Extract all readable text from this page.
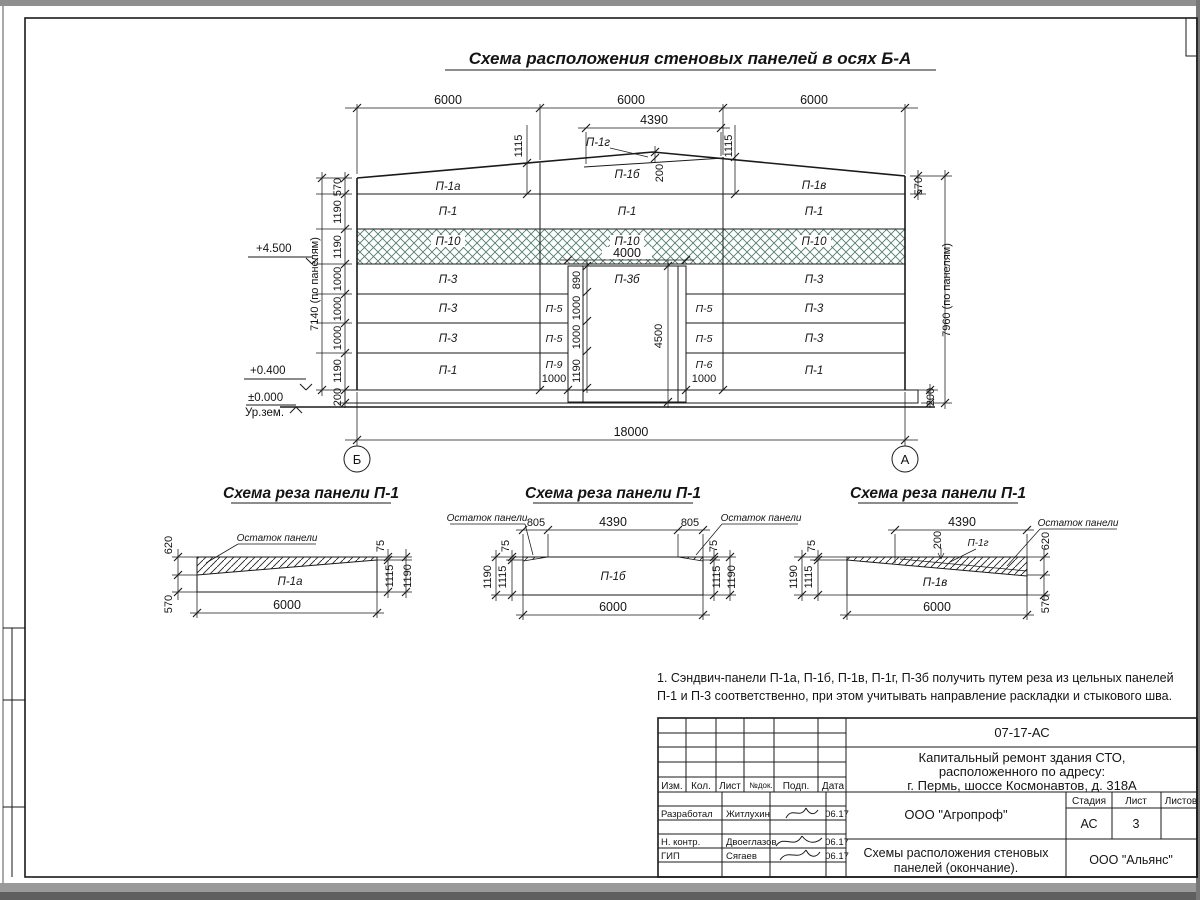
Схема расположения стеновых панелей в осях Б-А
+4.500
+0.400
±0.000
Ур.зем.
Б	А
6000	6000	6000
4390
1115	1115
200
570
1190
1190
1000
1000
1000
1190
7140 (по панелям)
200
570
7960 (по панелям)
200
18000
4000
890
1000
1000
1190
4500
1000	1000
П-1а
П-1
П-10
П-3
П-3
П-3
П-1
П-1г
П-1б
П-1
П-10
П-1в
П-1
П-10
П-3
П-3
П-3
П-1
П-3б
П-5
П-5
П-9
П-5
П-5
П-6
Схема реза панели П-1
Остаток панели
П-1а
620
570
75
1115 1190
6000
Схема реза панели П-1
П-1б
Остаток панели	Остаток панели
805	4390	805
75
1115
1190
75
1115 1190
6000
Схема реза панели П-1
П-1в
П-1г
Остаток панели
4390
200
75
1115
1190
620
570
6000
1. Сэндвич-панели П-1а, П-1б, П-1в, П-1г, П-3б получить путем реза из цельных панелей
П-1 и П-3 соответственно, при этом учитывать направление раскладки и стыкового шва.
07-17-АС
Капитальный ремонт здания СТО,
расположенного по адресу:
г. Пермь, шоссе Космонавтов, д. 318А
Изм. Кол. Лист №док. Подп. Дата
Разработал Житлухин	06.17
Н. контр.	Двоеглазов	06.17
ГИП	Сягаев	06.17
ООО "Агропроф"
Стадия Лист Листов
АС	3
Схемы расположения стеновых
панелей (окончание).
ООО "Альянс"
